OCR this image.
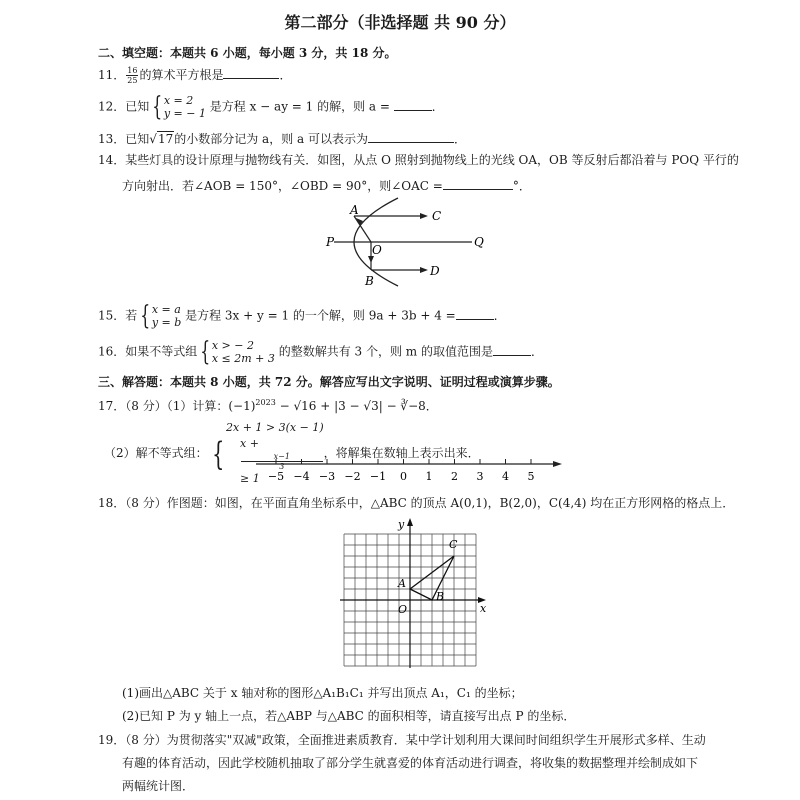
第二部分（非选择题 共 90 分）
二、填空题：本题共 6 小题，每小题 3 分，共 18 分。
11． $\frac{16}{25}$ 的算术平方根是	．
12．已知 { x = 2
y = − 1 是方程 x − ay = 1 的解，则 a =	．
13．已知√17的小数部分记为 a，则 a 可以表示为	．
14．某些灯具的设计原理与抛物线有关．如图，从点 O 照射到抛物线上的光线 OA，OB 等反射后都沿着与 POQ 平行的
方向射出．若∠AOB = 150°，∠OBD = 90°，则∠OAC =	°．
A	C
P
O
Q
D
B
15．若 { x = a
y = b 是方程 3x + y = 1 的一个解，则 9a + 3b + 4 =	．
16．如果不等式组 { x > − 2
x ≤ 2m + 3 的整数解共有 3 个，则 m 的取值范围是	．
三、解答题：本题共 8 小题，共 72 分。解答应写出文字说明、证明过程或演算步骤。
17．（8 分）（1）计算：$(-1)^{2023} - √16 + |3 - √3|$ − ∛−8．
（2）解不等式组： {
2x + 1 > 3(x − 1)
x +
x−1
3
≥ 1
，将解集在数轴上表示出来．
−5 −4 −3 −2 −1 0 1 2 3 4 5
18．（8 分）作图题：如图，在平面直角坐标系中，△ABC 的顶点 A(0,1)，B(2,0)，C(4,4) 均在正方形网格的格点上．
x
y
A
B
C
O
(1)画出△ABC 关于 x 轴对称的图形△A₁B₁C₁ 并写出顶点 A₁，C₁ 的坐标；
(2)已知 P 为 y 轴上一点，若△ABP 与△ABC 的面积相等，请直接写出点 P 的坐标．
19．（8 分）为贯彻落实"双减"政策，全面推进素质教育．某中学计划利用大课间时间组织学生开展形式多样、生动
有趣的体育活动，因此学校随机抽取了部分学生就喜爱的体育活动进行调查，将收集的数据整理并绘制成如下
两幅统计图．
